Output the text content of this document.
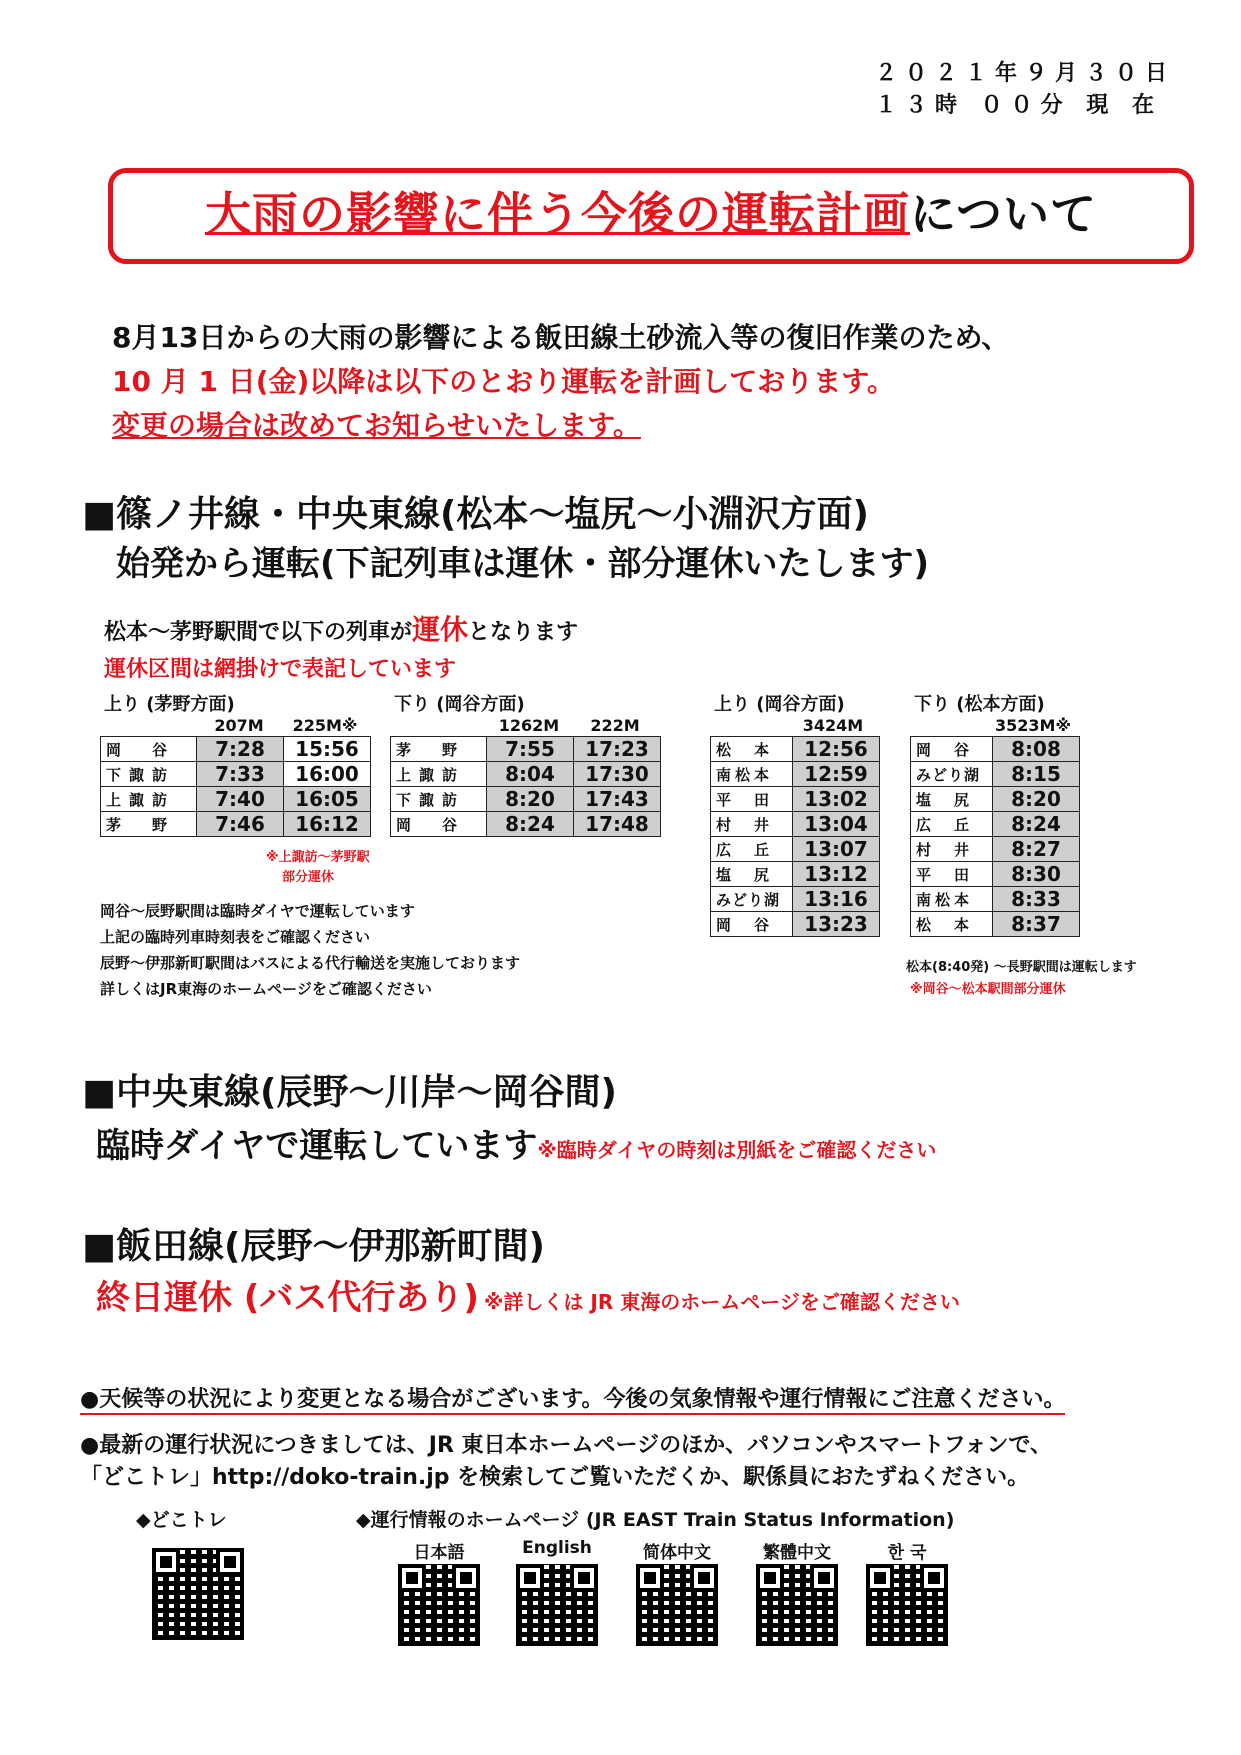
２０２１年９月３０日
１３時 ００分 現 在
大雨の影響に伴う今後の運転計画について
8月13日からの大雨の影響による飯田線土砂流入等の復旧作業のため、
10 月 1 日(金)以降は以下のとおり運転を計画しております。
変更の場合は改めてお知らせいたします。
■篠ノ井線・中央東線(松本～塩尻～小淵沢方面)
始発から運転(下記列車は運休・部分運休いたします)
松本～茅野駅間で以下の列車が運休となります
運休区間は網掛けで表記しています
上り (茅野方面)
207M	225M※
岡　谷	7:28	15:56
下諏訪	7:33	16:00
上諏訪	7:40	16:05
茅　野	7:46	16:12
※上諏訪～茅野駅
部分運休
下り (岡谷方面)
1262M	222M
茅　野	7:55	17:23
上諏訪	8:04	17:30
下諏訪	8:20	17:43
岡　谷	8:24	17:48
上り (岡谷方面)
3424M
松　本	12:56
南松本	12:59
平　田	13:02
村　井	13:04
広　丘	13:07
塩　尻	13:12
みどり湖	13:16
岡　谷	13:23
下り (松本方面)
3523M※
岡　谷	8:08
みどり湖	8:15
塩　尻	8:20
広　丘	8:24
村　井	8:27
平　田	8:30
南松本	8:33
松　本	8:37
松本(8:40発) ～長野駅間は運転します
※岡谷～松本駅間部分運休
岡谷～辰野駅間は臨時ダイヤで運転しています
上記の臨時列車時刻表をご確認ください
辰野～伊那新町駅間はバスによる代行輸送を実施しております
詳しくはJR東海のホームページをご確認ください
■中央東線(辰野～川岸～岡谷間)
臨時ダイヤで運転しています※臨時ダイヤの時刻は別紙をご確認ください
■飯田線(辰野～伊那新町間)
終日運休 (バス代行あり) ※詳しくは JR 東海のホームページをご確認ください
●天候等の状況により変更となる場合がございます。今後の気象情報や運行情報にご注意ください。
●最新の運行状況につきましては、JR 東日本ホームページのほか、パソコンやスマートフォンで、
「どこトレ」http://doko-train.jp を検索してご覧いただくか、駅係員におたずねください。
◆どこトレ	◆運行情報のホームページ (JR EAST Train Status Information)
日本語	English	简体中文	繁體中文	한 국
